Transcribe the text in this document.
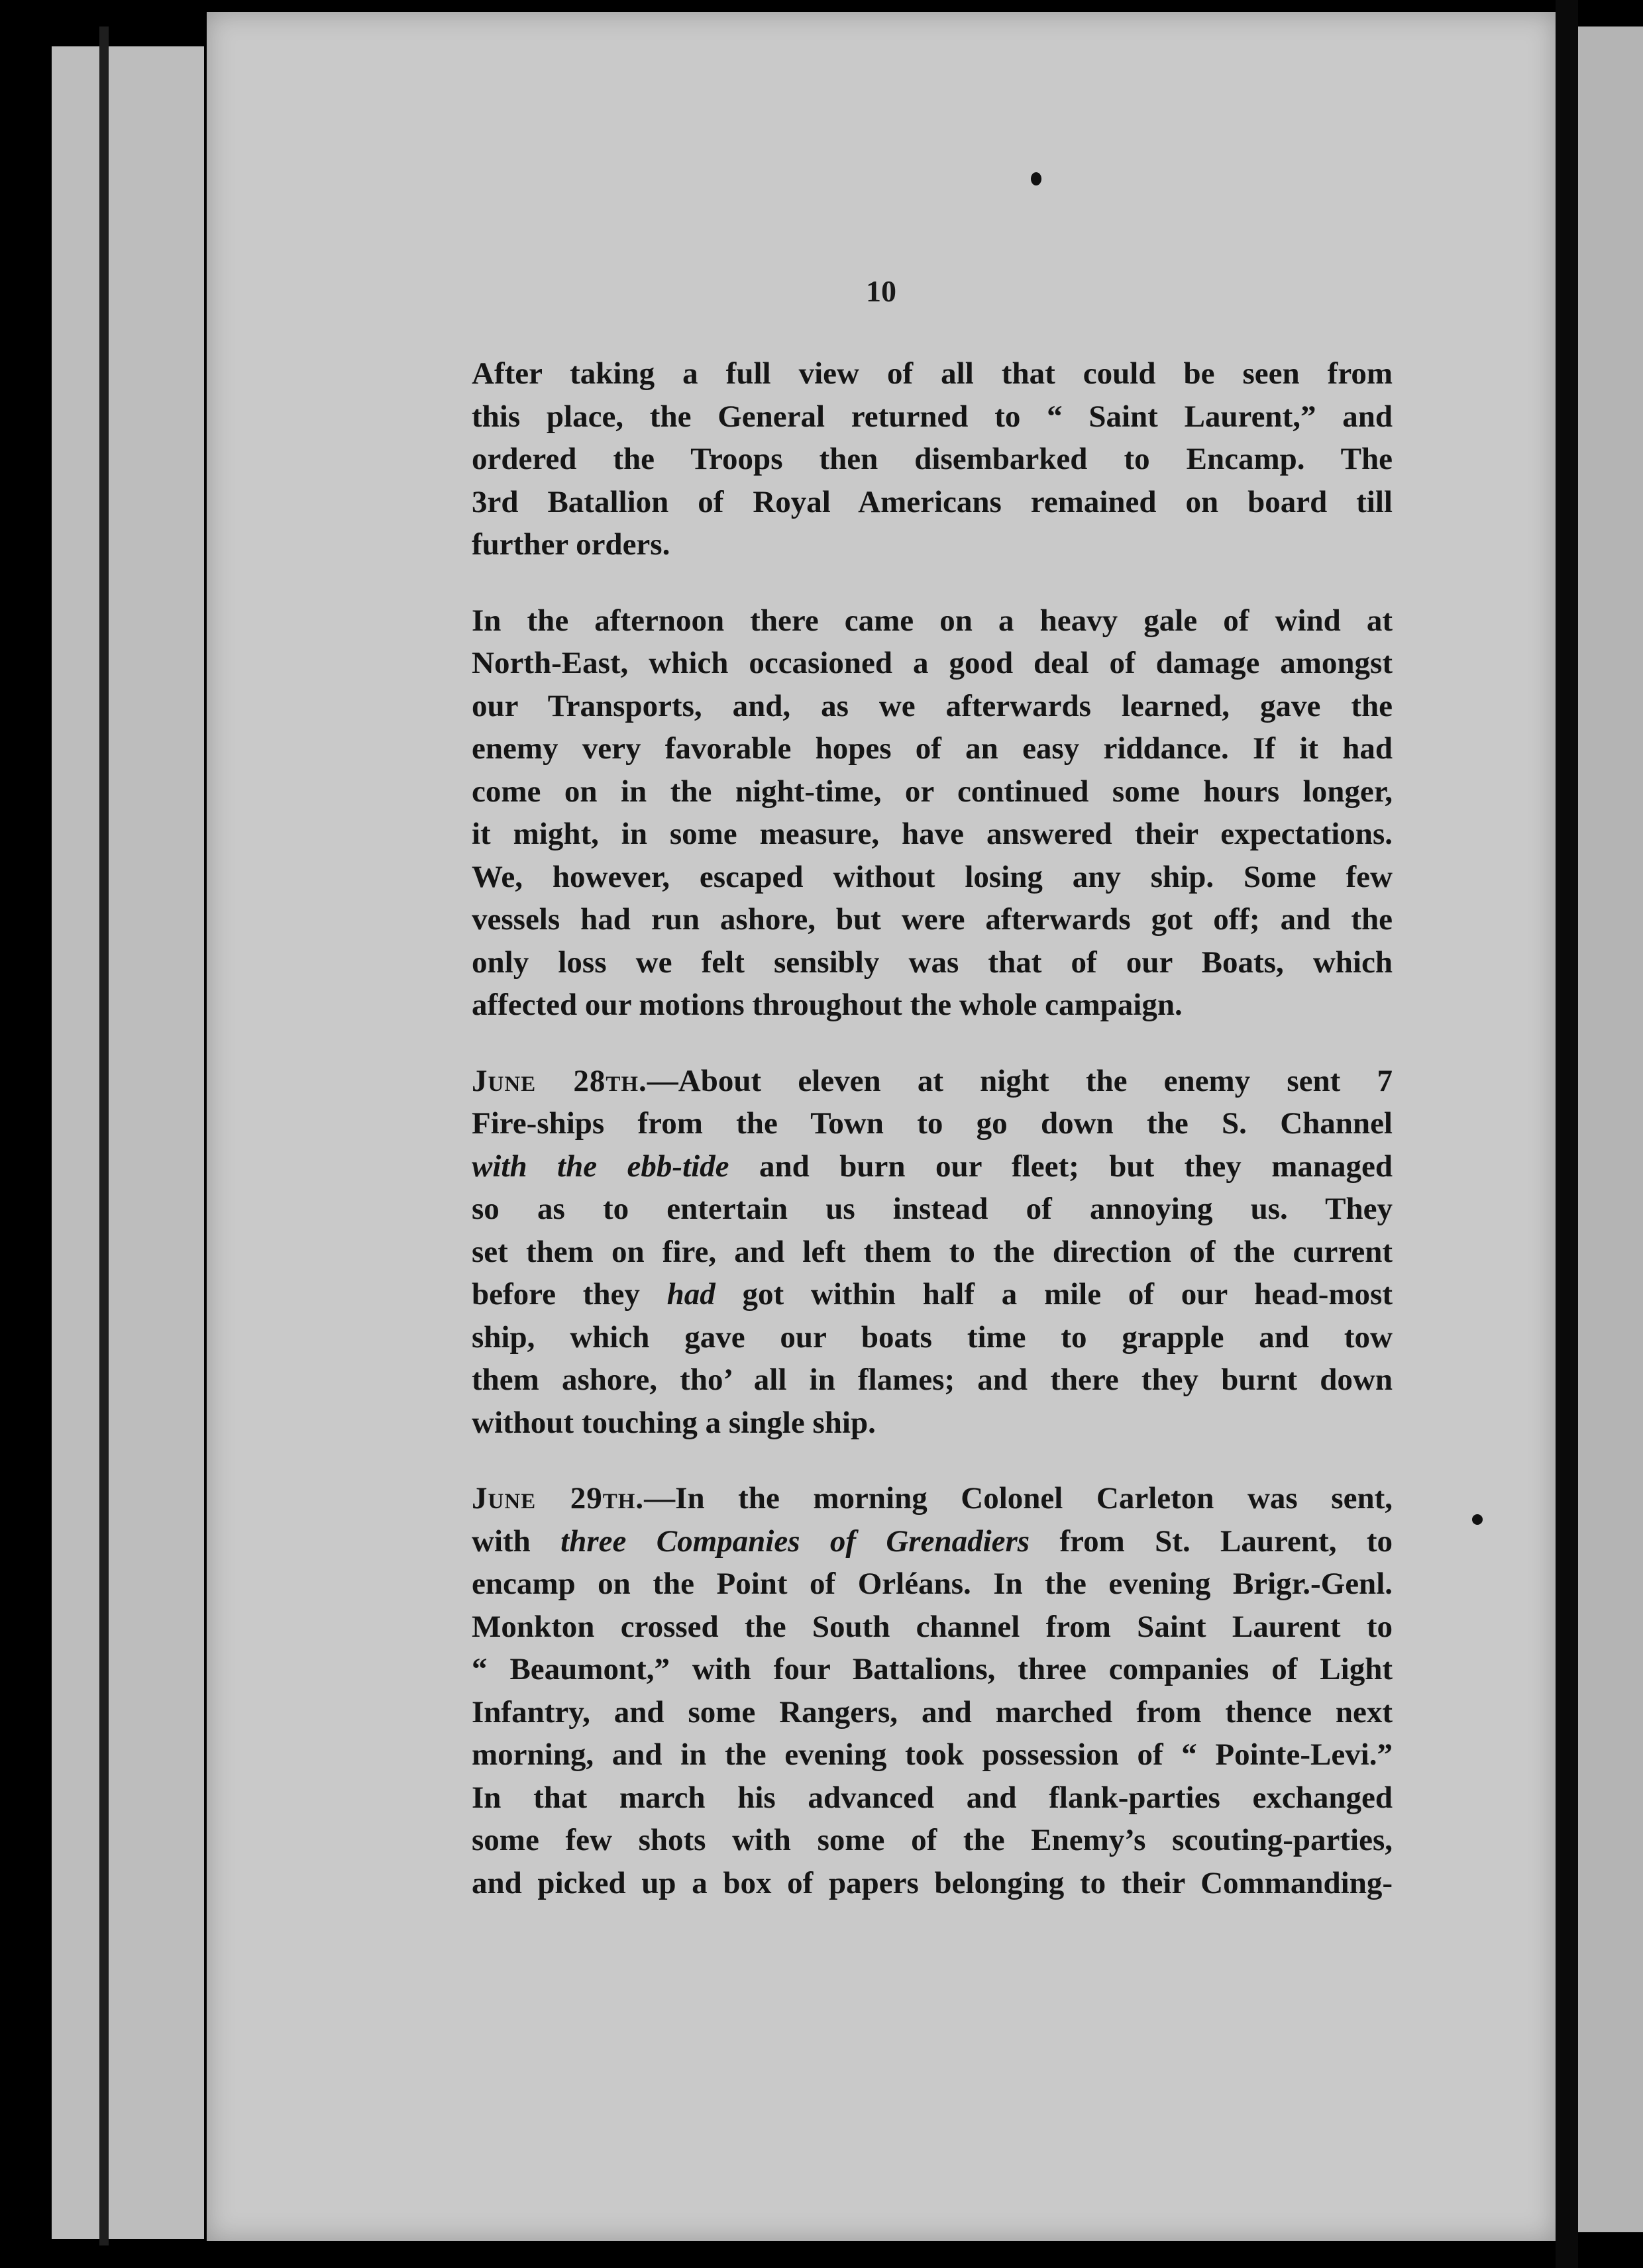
10

After taking a full view of all that could be seen from
this place, the General returned to “ Saint Laurent,” and
ordered the Troops then disembarked to Encamp. The
3rd Batallion of Royal Americans remained on board till
further orders.
In the afternoon there came on a heavy gale of wind at
North-East, which occasioned a good deal of damage amongst
our Transports, and, as we afterwards learned, gave the
enemy very favorable hopes of an easy riddance. If it had
come on in the night-time, or continued some hours longer,
it might, in some measure, have answered their expectations.
We, however, escaped without losing any ship. Some few
vessels had run ashore, but were afterwards got off; and the
only loss we felt sensibly was that of our Boats, which
affected our motions throughout the whole campaign.
June 28th.—About eleven at night the enemy sent 7
Fire-ships from the Town to go down the S. Channel
with the ebb-tide and burn our fleet; but they managed
so as to entertain us instead of annoying us. They
set them on fire, and left them to the direction of the current
before they had got within half a mile of our head-most
ship, which gave our boats time to grapple and tow
them ashore, tho’ all in flames; and there they burnt down
without touching a single ship.
June 29th.—In the morning Colonel Carleton was sent,
with three Companies of Grenadiers from St. Laurent, to
encamp on the Point of Orléans. In the evening Brigr.-Genl.
Monkton crossed the South channel from Saint Laurent to
“ Beaumont,” with four Battalions, three companies of Light
Infantry, and some Rangers, and marched from thence next
morning, and in the evening took possession of “ Pointe-Levi.”
In that march his advanced and flank-parties exchanged
some few shots with some of the Enemy’s scouting-parties,
and picked up a box of papers belonging to their Commanding-
